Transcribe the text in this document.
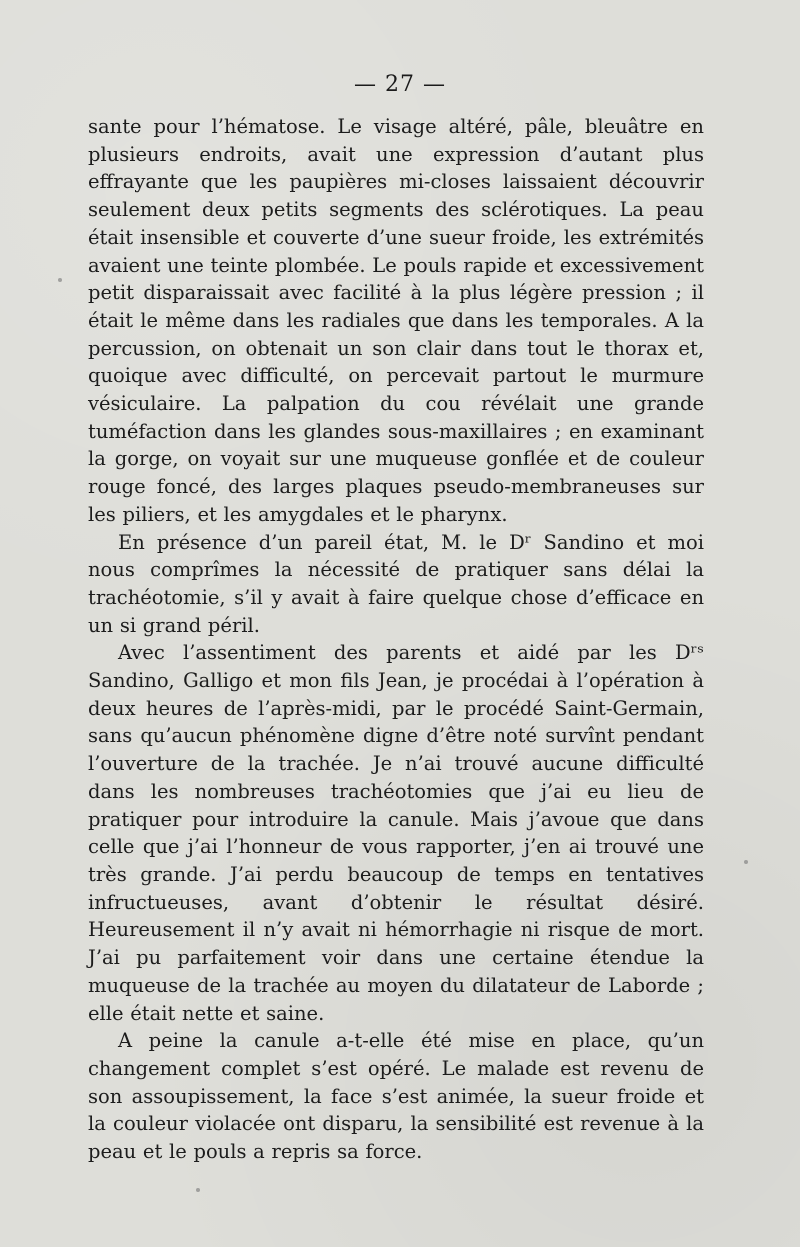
— 27 —

sante pour l’hématose. Le visage altéré, pâle, bleuâtre en plusieurs endroits, avait une expression d’autant plus effrayante que les paupières mi-closes laissaient découvrir seulement deux petits segments des sclérotiques. La peau était insensible et couverte d’une sueur froide, les extrémités avaient une teinte plombée. Le pouls rapide et excessivement petit disparaissait avec facilité à la plus légère pression ; il était le même dans les radiales que dans les temporales. A la percussion, on obtenait un son clair dans tout le thorax et, quoique avec difficulté, on percevait partout le murmure vésiculaire. La palpation du cou révélait une grande tuméfaction dans les glandes sous-maxillaires ; en examinant la gorge, on voyait sur une muqueuse gonflée et de couleur rouge foncé, des larges plaques pseudo-membraneuses sur les piliers, et les amygdales et le pharynx.

En présence d’un pareil état, M. le Dʳ Sandino et moi nous comprîmes la nécessité de pratiquer sans délai la trachéotomie, s’il y avait à faire quelque chose d’efficace en un si grand péril.

Avec l’assentiment des parents et aidé par les Dʳˢ Sandino, Galligo et mon fils Jean, je procédai à l’opération à deux heures de l’après-midi, par le procédé Saint-Germain, sans qu’aucun phénomène digne d’être noté survînt pendant l’ouverture de la trachée. Je n’ai trouvé aucune difficulté dans les nombreuses trachéotomies que j’ai eu lieu de pratiquer pour introduire la canule. Mais j’avoue que dans celle que j’ai l’honneur de vous rapporter, j’en ai trouvé une très grande. J’ai perdu beaucoup de temps en tentatives infructueuses, avant d’obtenir le résultat désiré. Heureusement il n’y avait ni hémorrhagie ni risque de mort. J’ai pu parfaitement voir dans une certaine étendue la muqueuse de la trachée au moyen du dilatateur de Laborde ; elle était nette et saine.

A peine la canule a-t-elle été mise en place, qu’un changement complet s’est opéré. Le malade est revenu de son assoupissement, la face s’est animée, la sueur froide et la couleur violacée ont disparu, la sensibilité est revenue à la peau et le pouls a repris sa force.
